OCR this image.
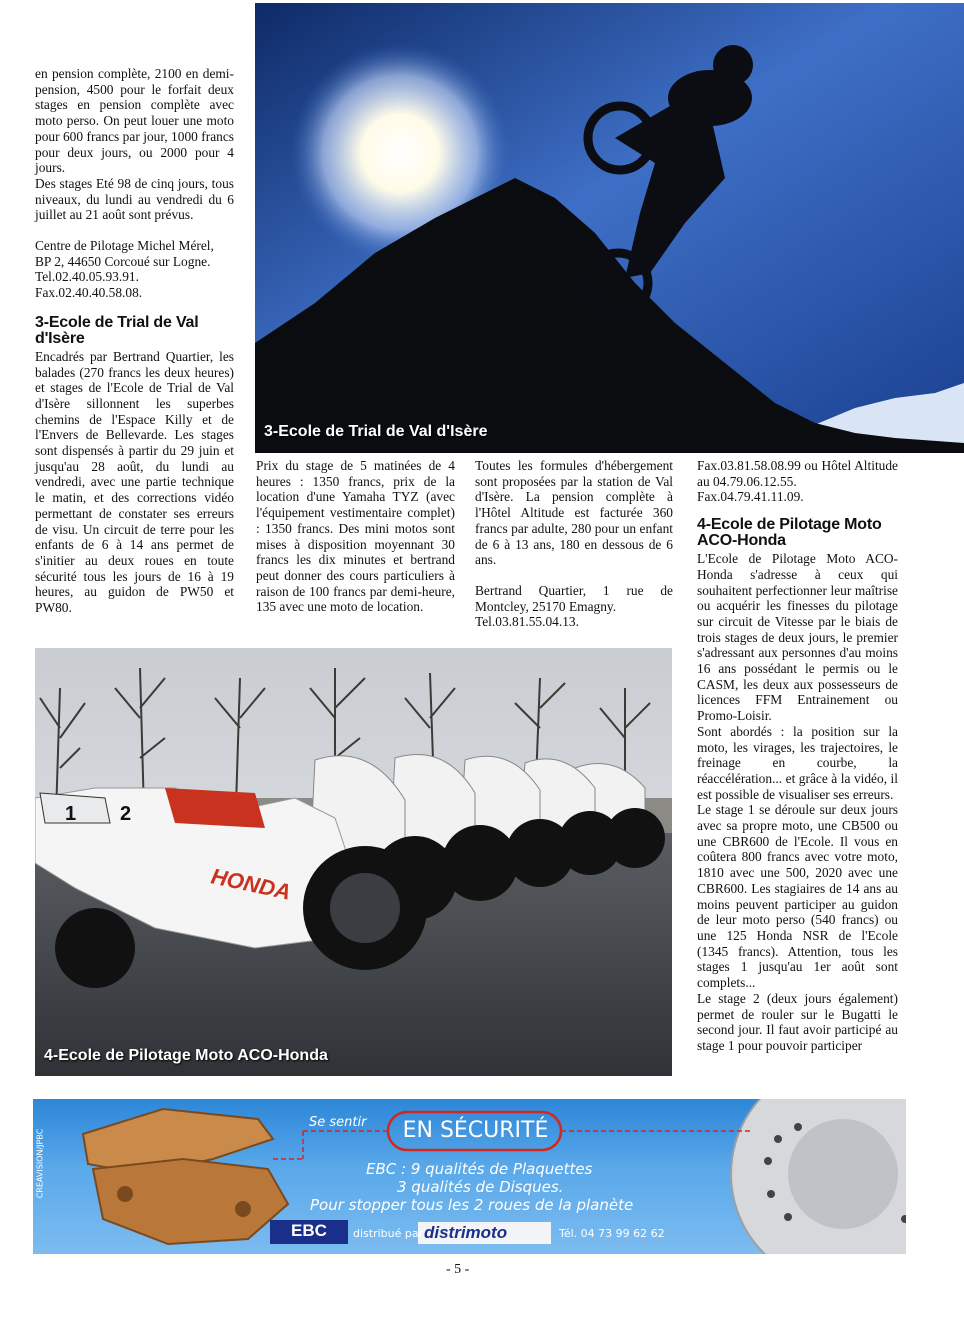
en pension complète, 2100 en demi-pension, 4500 pour le forfait deux stages en pension complète avec moto perso. On peut louer une moto pour 600 francs par jour, 1000 francs pour deux jours, ou 2000 pour 4 jours.

Des stages Eté 98 de cinq jours, tous niveaux, du lundi au vendredi du 6 juillet au 21 août sont prévus.

Centre de Pilotage Michel Mérel,

BP 2, 44650 Corcoué sur Logne.

Tel.02.40.05.93.91.

Fax.02.40.40.58.08.

3-Ecole de Trial de Val d'Isère

Encadrés par Bertrand Quartier, les balades (270 francs les deux heures) et stages de l'Ecole de Trial de Val d'Isère sillonnent les superbes chemins de l'Espace Killy et de l'Envers de Bellevarde. Les stages sont dispensés à partir du 29 juin et jusqu'au 28 août, du lundi au vendredi, avec une partie technique le matin, et des corrections vidéo permettant de constater ses erreurs de visu. Un circuit de terre pour les enfants de 6 à 14 ans permet de s'initier au deux roues en toute sécurité tous les jours de 16 à 19 heures, au guidon de PW50 et PW80.

3-Ecole de Trial de Val d'Isère

Prix du stage de 5 matinées de 4 heures : 1350 francs, prix de la location d'une Yamaha TYZ (avec l'équipement vestimentaire complet) : 1350 francs. Des mini motos sont mises à disposition moyennant 30 francs les dix minutes et bertrand peut donner des cours particuliers à raison de 100 francs par demi-heure, 135 avec une moto de location.

Toutes les formules d'hébergement sont proposées par la station de Val d'Isère. La pension complète à l'Hôtel Altitude est facturée 360 francs par adulte, 280 pour un enfant de 6 à 13 ans, 180 en dessous de 6 ans.

Bertrand Quartier, 1 rue de Montcley, 25170 Emagny.

Tel.03.81.55.04.13.

Fax.03.81.58.08.99 ou Hôtel Altitude au 04.79.06.12.55.

Fax.04.79.41.11.09.

4-Ecole de Pilotage Moto ACO-Honda

L'Ecole de Pilotage Moto ACO-Honda s'adresse à ceux qui souhaitent perfectionner leur maîtrise ou acquérir les finesses du pilotage sur circuit de Vitesse par le biais de trois stages de deux jours, le premier s'adressant aux personnes d'au moins 16 ans possédant le permis ou le CASM, les deux aux possesseurs de licences FFM Entrainement ou Promo-Loisir.

Sont abordés : la position sur la moto, les virages, les trajectoires, le freinage en courbe, la réaccélération... et grâce à la vidéo, il est possible de visualiser ses erreurs.

Le stage 1 se déroule sur deux jours avec sa propre moto, une CB500 ou une CBR600 de l'Ecole. Il vous en coûtera 800 francs avec votre moto, 1810 avec une 500, 2020 avec une CBR600. Les stagiaires de 14 ans au moins peuvent participer au guidon de leur moto perso (540 francs) ou une 125 Honda NSR de l'Ecole (1345 francs). Attention, tous les stages 1 jusqu'au 1er août sont complets...

Le stage 2 (deux jours également) permet de rouler sur le Bugatti le second jour. Il faut avoir participé au stage 1 pour pouvoir participer

HONDA
1 2
4-Ecole de Pilotage Moto ACO-Honda
CREAVISION/JPBC
Se sentir	EN SÉCURITÉ
EBC : 9 qualités de Plaquettes
3 qualités de Disques.
Pour stopper tous les 2 roues de la planète
EBC	distribué par distrimoto	Tél. 04 73 99 62 62
- 5 -
